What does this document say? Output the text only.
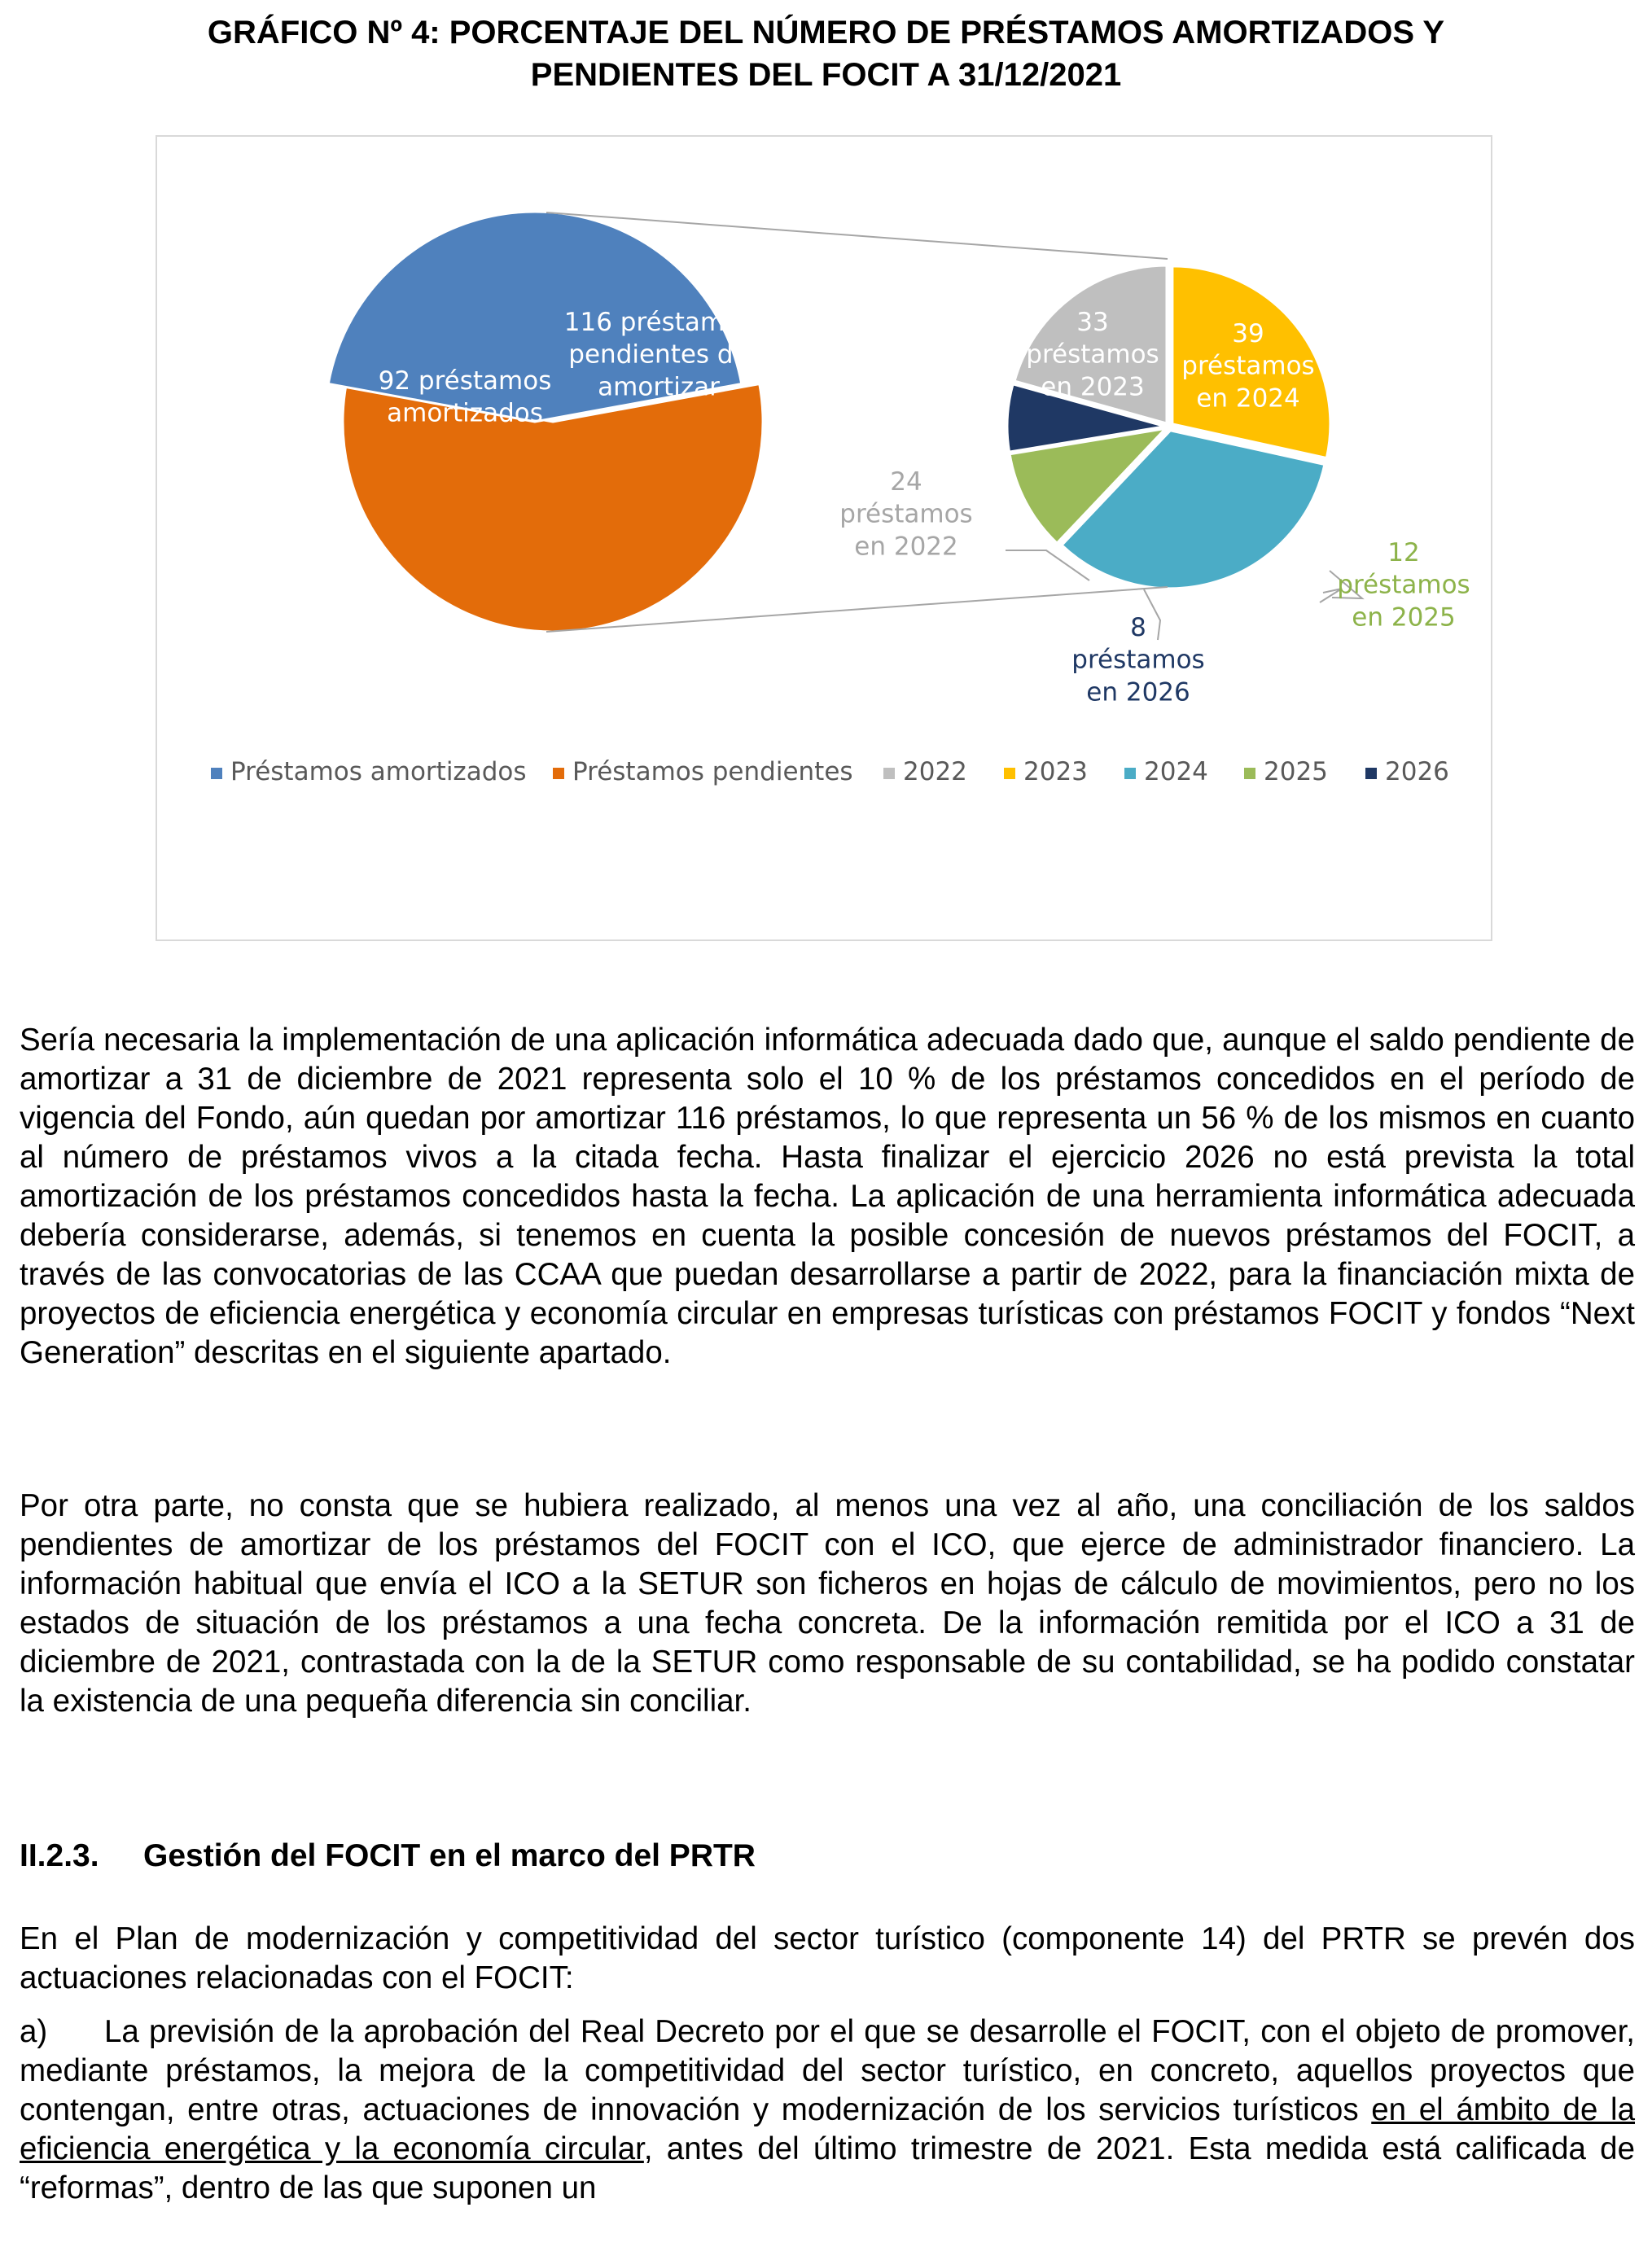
GRÁFICO Nº 4: PORCENTAJE DEL NÚMERO DE PRÉSTAMOS AMORTIZADOS Y
PENDIENTES DEL FOCIT A 31/12/2021
92 préstamos amortizados
116 préstamos pendientes de amortizar
24 préstamos en 2022
33 préstamos en 2023
39 préstamos en 2024
12 préstamos en 2025
8 préstamos en 2026
Préstamos amortizados Préstamos pendientes 2022 2023 2024 2025 2026
Sería necesaria la implementación de una aplicación informática adecuada dado que, aunque el saldo pendiente de amortizar a 31 de diciembre de 2021 representa solo el 10 % de los préstamos concedidos en el período de vigencia del Fondo, aún quedan por amortizar 116 préstamos, lo que representa un 56 % de los mismos en cuanto al número de préstamos vivos a la citada fecha. Hasta finalizar el ejercicio 2026 no está prevista la total amortización de los préstamos concedidos hasta la fecha. La aplicación de una herramienta informática adecuada debería considerarse, además, si tenemos en cuenta la posible concesión de nuevos préstamos del FOCIT, a través de las convocatorias de las CCAA que puedan desarrollarse a partir de 2022, para la financiación mixta de proyectos de eficiencia energética y economía circular en empresas turísticas con préstamos FOCIT y fondos “Next Generation” descritas en el siguiente apartado.
Por otra parte, no consta que se hubiera realizado, al menos una vez al año, una conciliación de los saldos pendientes de amortizar de los préstamos del FOCIT con el ICO, que ejerce de administrador financiero. La información habitual que envía el ICO a la SETUR son ficheros en hojas de cálculo de movimientos, pero no los estados de situación de los préstamos a una fecha concreta. De la información remitida por el ICO a 31 de diciembre de 2021, contrastada con la de la SETUR como responsable de su contabilidad, se ha podido constatar la existencia de una pequeña diferencia sin conciliar.
II.2.3. Gestión del FOCIT en el marco del PRTR
En el Plan de modernización y competitividad del sector turístico (componente 14) del PRTR se prevén dos actuaciones relacionadas con el FOCIT:
a) La previsión de la aprobación del Real Decreto por el que se desarrolle el FOCIT, con el objeto de promover, mediante préstamos, la mejora de la competitividad del sector turístico, en concreto, aquellos proyectos que contengan, entre otras, actuaciones de innovación y modernización de los servicios turísticos en el ámbito de la eficiencia energética y la economía circular, antes del último trimestre de 2021. Esta medida está calificada de “reformas”, dentro de las que suponen un
